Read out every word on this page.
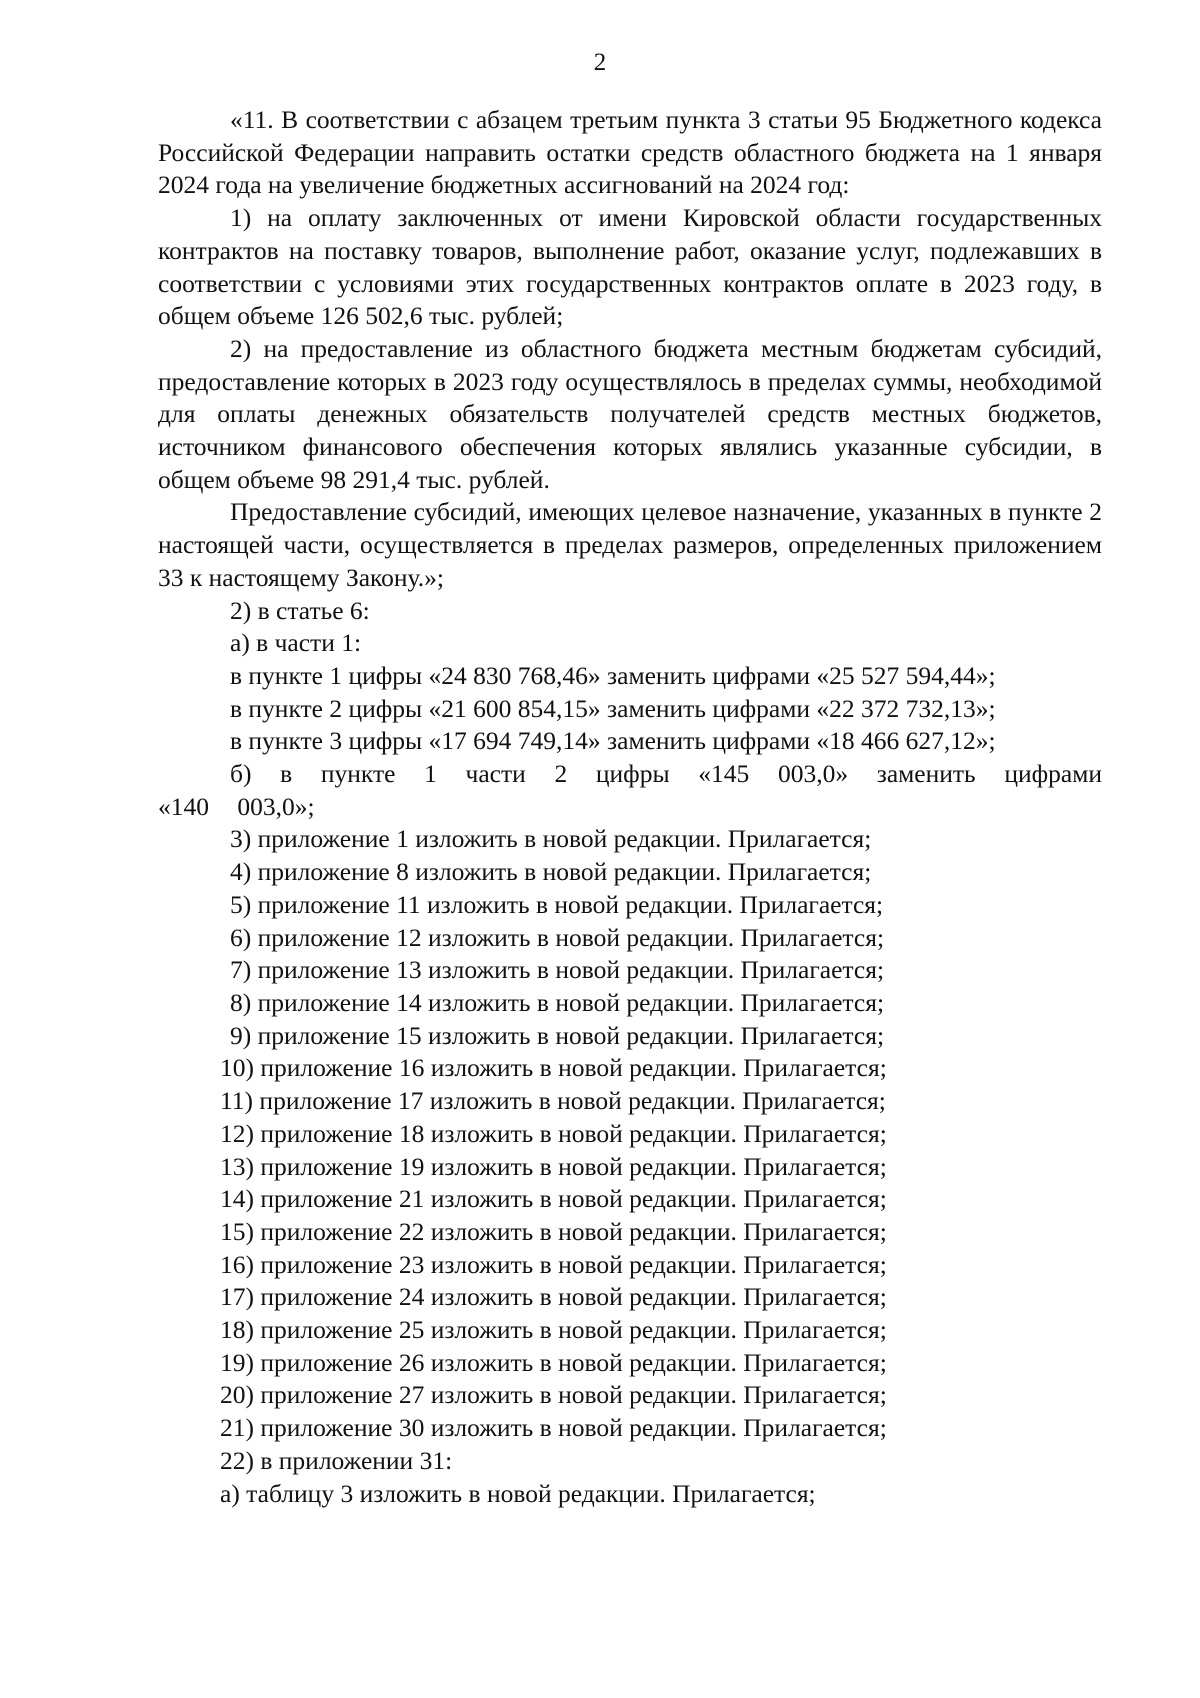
2

«11. В соответствии с абзацем третьим пункта 3 статьи 95 Бюджетного кодекса Российской Федерации направить остатки средств областного бюджета на 1 января 2024 года на увеличение бюджетных ассигнований на 2024 год:

1) на оплату заключенных от имени Кировской области государственных контрактов на поставку товаров, выполнение работ, оказание услуг, подлежавших в соответствии с условиями этих государственных контрактов оплате в 2023 году, в общем объеме 126 502,6 тыс. рублей;

2) на предоставление из областного бюджета местным бюджетам субсидий, предоставление которых в 2023 году осуществлялось в пределах суммы, необходимой для оплаты денежных обязательств получателей средств местных бюджетов, источником финансового обеспечения которых являлись указанные субсидии, в общем объеме 98 291,4 тыс. рублей.

Предоставление субсидий, имеющих целевое назначение, указанных в пункте 2 настоящей части, осуществляется в пределах размеров, определенных приложением 33 к настоящему Закону.»;

2) в статье 6:

а) в части 1:

в пункте 1 цифры «24 830 768,46» заменить цифрами «25 527 594,44»;

в пункте 2 цифры «21 600 854,15» заменить цифрами «22 372 732,13»;

в пункте 3 цифры «17 694 749,14» заменить цифрами «18 466 627,12»;

б) в пункте 1 части 2 цифры «145 003,0» заменить цифрами «140 003,0»;

3) приложение 1 изложить в новой редакции. Прилагается;

4) приложение 8 изложить в новой редакции. Прилагается;

5) приложение 11 изложить в новой редакции. Прилагается;

6) приложение 12 изложить в новой редакции. Прилагается;

7) приложение 13 изложить в новой редакции. Прилагается;

8) приложение 14 изложить в новой редакции. Прилагается;

9) приложение 15 изложить в новой редакции. Прилагается;

10) приложение 16 изложить в новой редакции. Прилагается;

11) приложение 17 изложить в новой редакции. Прилагается;

12) приложение 18 изложить в новой редакции. Прилагается;

13) приложение 19 изложить в новой редакции. Прилагается;

14) приложение 21 изложить в новой редакции. Прилагается;

15) приложение 22 изложить в новой редакции. Прилагается;

16) приложение 23 изложить в новой редакции. Прилагается;

17) приложение 24 изложить в новой редакции. Прилагается;

18) приложение 25 изложить в новой редакции. Прилагается;

19) приложение 26 изложить в новой редакции. Прилагается;

20) приложение 27 изложить в новой редакции. Прилагается;

21) приложение 30 изложить в новой редакции. Прилагается;

22) в приложении 31:

а) таблицу 3 изложить в новой редакции. Прилагается;
